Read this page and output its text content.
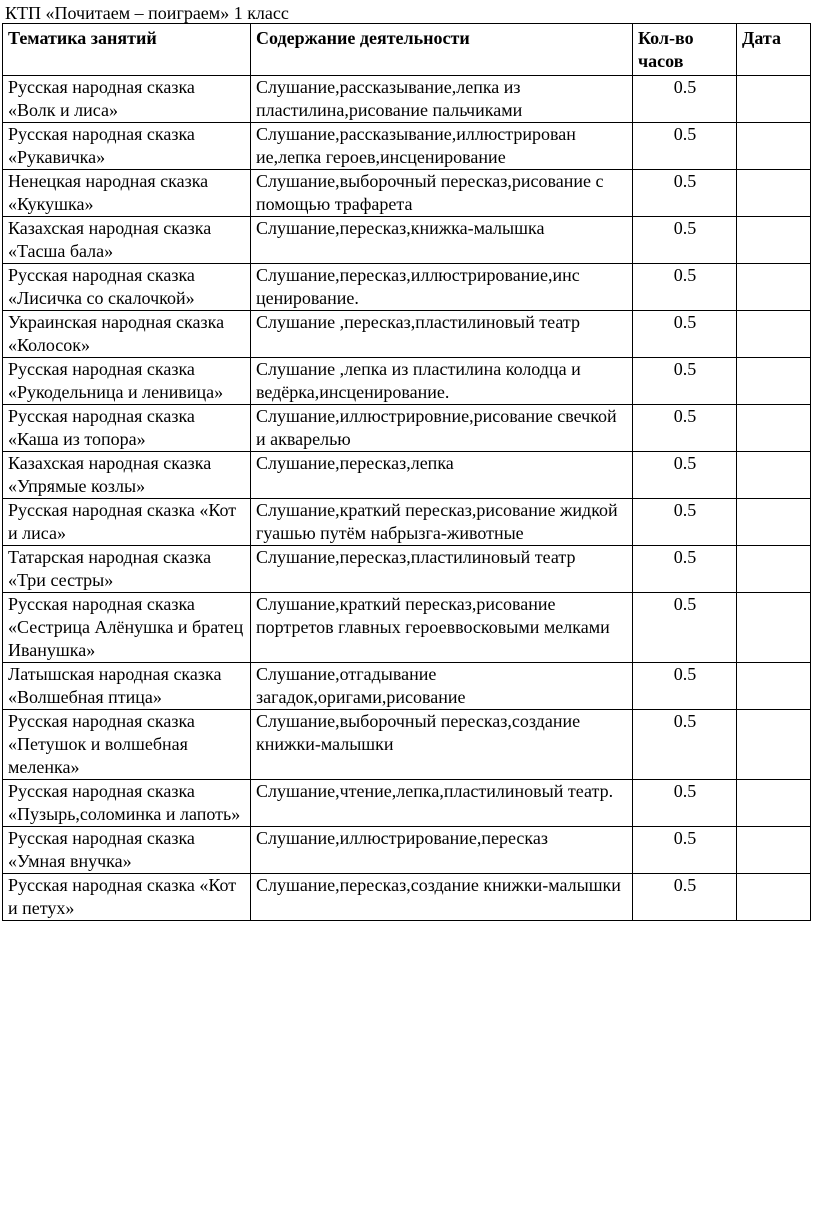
КТП «Почитаем – поиграем» 1 класс
Тематика занятий	Содержание деятельности	Кол-во часов	Дата
Русская народная сказка «Волк и лиса»	Слушание,рассказывание,лепка из пластилина,рисование пальчиками	0.5	
Русская народная сказка «Рукавичка»	Слушание,рассказывание,иллюстрирован ие,лепка героев,инсценирование	0.5	
Ненецкая народная сказка «Кукушка»	Слушание,выборочный пересказ,рисование с помощью трафарета	0.5	
Казахская народная сказка «Тасша бала»	Слушание,пересказ,книжка-малышка	0.5	
Русская народная сказка «Лисичка со скалочкой»	Слушание,пересказ,иллюстрирование,инс ценирование.	0.5	
Украинская народная сказка «Колосок»	Слушание ,пересказ,пластилиновый театр	0.5	
Русская народная сказка «Рукодельница и ленивица»	Слушание ,лепка из пластилина колодца и ведёрка,инсценирование.	0.5	
Русская народная сказка «Каша из топора»	Слушание,иллюстрировние,рисование свечкой и акварелью	0.5	
Казахская народная сказка «Упрямые козлы»	Слушание,пересказ,лепка	0.5	
Русская народная сказка «Кот и лиса»	Слушание,краткий пересказ,рисование жидкой гуашью путём набрызга-животные	0.5	
Татарская народная сказка «Три сестры»	Слушание,пересказ,пластилиновый театр	0.5	
Русская народная сказка «Сестрица Алёнушка и братец Иванушка»	Слушание,краткий пересказ,рисование портретов главных героеввосковыми мелками	0.5	
Латышская народная сказка «Волшебная птица»	Слушание,отгадывание загадок,оригами,рисование	0.5	
Русская народная сказка «Петушок и волшебная меленка»	Слушание,выборочный пересказ,создание книжки-малышки	0.5	
Русская народная сказка «Пузырь,соломинка и лапоть»	Слушание,чтение,лепка,пластилиновый театр.	0.5	
Русская народная сказка «Умная внучка»	Слушание,иллюстрирование,пересказ	0.5	
Русская народная сказка «Кот и петух»	Слушание,пересказ,создание книжки-малышки	0.5	
